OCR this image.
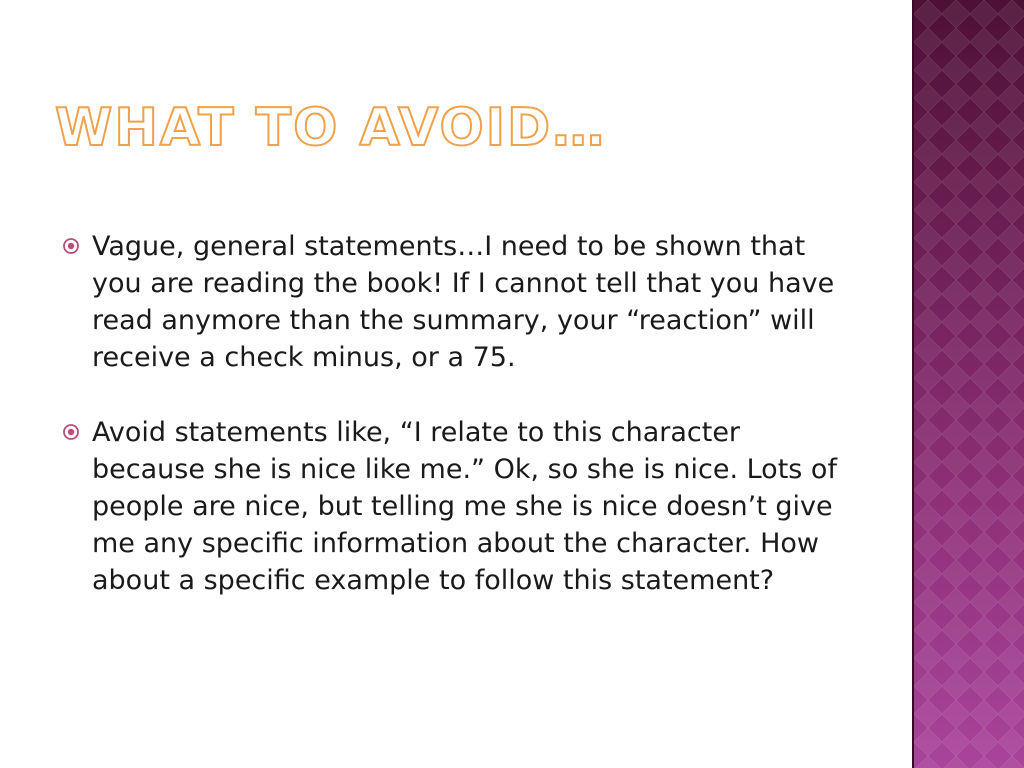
WHAT TO AVOID…

Vague, general statements…I need to be shown that you are reading the book! If I cannot tell that you have read anymore than the summary, your “reaction” will receive a check minus, or a 75.

Avoid statements like, “I relate to this character because she is nice like me.” Ok, so she is nice. Lots of people are nice, but telling me she is nice doesn’t give me any specific information about the character. How about a specific example to follow this statement?
